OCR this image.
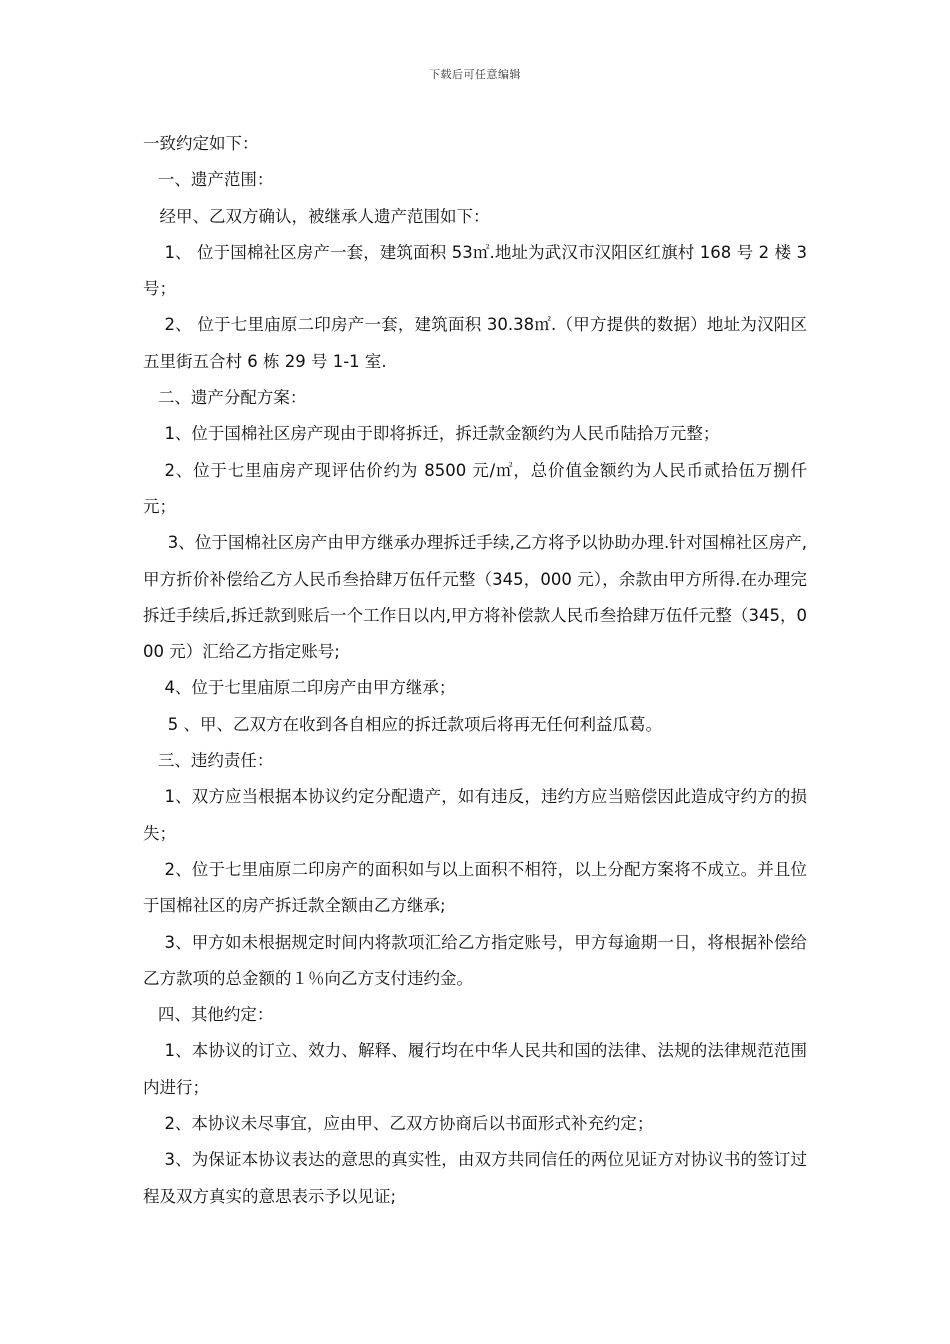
下载后可任意编辑

一致约定如下：

一、遗产范围：

经甲、乙双方确认，被继承人遗产范围如下：

1、 位于国棉社区房产一套，建筑面积 53㎡.地址为武汉市汉阳区红旗村 168 号 2 楼 3 号；

2、 位于七里庙原二印房产一套，建筑面积 30.38㎡.（甲方提供的数据）地址为汉阳区五里街五合村 6 栋 29 号 1-1 室.

二、遗产分配方案：

1、位于国棉社区房产现由于即将拆迁，拆迁款金额约为人民币陆拾万元整；

2、位于七里庙房产现评估价约为 8500 元/㎡，总价值金额约为人民币贰拾伍万捌仟元；

3、位于国棉社区房产由甲方继承办理拆迁手续,乙方将予以协助办理.针对国棉社区房产,甲方折价补偿给乙方人民币叁拾肆万伍仟元整（345，000 元），余款由甲方所得.在办理完拆迁手续后,拆迁款到账后一个工作日以内,甲方将补偿款人民币叁拾肆万伍仟元整（345，000 元）汇给乙方指定账号;

4、位于七里庙原二印房产由甲方继承；

5 、甲、乙双方在收到各自相应的拆迁款项后将再无任何利益瓜葛。

三、违约责任：

1、双方应当根据本协议约定分配遗产，如有违反，违约方应当赔偿因此造成守约方的损失；

2、位于七里庙原二印房产的面积如与以上面积不相符，以上分配方案将不成立。并且位于国棉社区的房产拆迁款全额由乙方继承;

3、甲方如未根据规定时间内将款项汇给乙方指定账号，甲方每逾期一日，将根据补偿给乙方款项的总金额的１％向乙方支付违约金。

四、其他约定：

1、本协议的订立、效力、解释、履行均在中华人民共和国的法律、法规的法律规范范围内进行；

2、本协议未尽事宜，应由甲、乙双方协商后以书面形式补充约定；

3、为保证本协议表达的意思的真实性，由双方共同信任的两位见证方对协议书的签订过程及双方真实的意思表示予以见证;
